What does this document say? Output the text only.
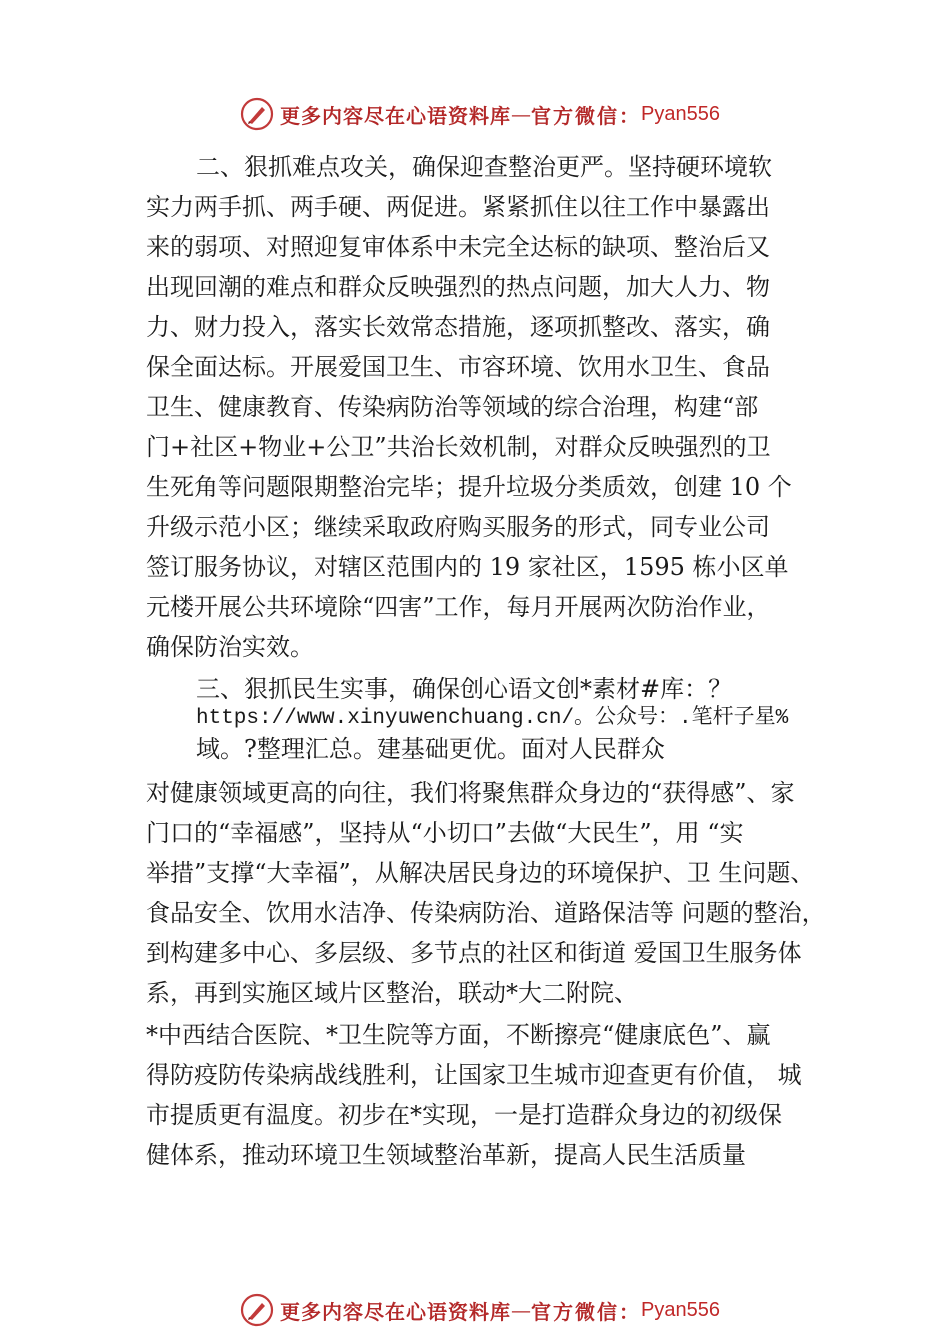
更多内容尽在心语资料库 — 官方微信： Pyan556
二、狠抓难点攻关，确保迎查整治更严。坚持硬环境软
实力两手抓、两手硬、两促进。紧紧抓住以往工作中暴露出
来的弱项、对照迎复审体系中未完全达标的缺项、整治后又
出现回潮的难点和群众反映强烈的热点问题，加大人力、物
力、财力投入，落实长效常态措施，逐项抓整改、落实，确
保全面达标。开展爱国卫生、市容环境、饮用水卫生、食品
卫生、健康教育、传染病防治等领域的综合治理，构建“部
门+社区+物业+公卫”共治长效机制，对群众反映强烈的卫
生死角等问题限期整治完毕；提升垃圾分类质效，创建 10 个
升级示范小区；继续采取政府购买服务的形式，同专业公司
签订服务协议，对辖区范围内的 19 家社区，1595 栋小区单
元楼开展公共环境除“四害”工作，每月开展两次防治作业，
确保防治实效。
三、狠抓民生实事，确保创心语文创*素材#库：？
https://www.xinyuwenchuang.cn/。公众号：.笔杆子星%
域。?整理汇总。建基础更优。面对人民群众
对健康领域更高的向往，我们将聚焦群众身边的“获得感”、家
门口的“幸福感”，坚持从“小切口”去做“大民生”，用 “实
举措”支撑“大幸福”，从解决居民身边的环境保护、卫 生问题、
食品安全、饮用水洁净、传染病防治、道路保洁等 问题的整治，
到构建多中心、多层级、多节点的社区和街道 爱国卫生服务体
系，再到实施区域片区整治，联动*大二附院、
*中西结合医院、*卫生院等方面，不断擦亮“健康底色”、赢
得防疫防传染病战线胜利，让国家卫生城市迎查更有价值， 城
市提质更有温度。初步在*实现，一是打造群众身边的初级保
健体系，推动环境卫生领域整治革新，提高人民生活质量
更多内容尽在心语资料库 — 官方微信： Pyan556
